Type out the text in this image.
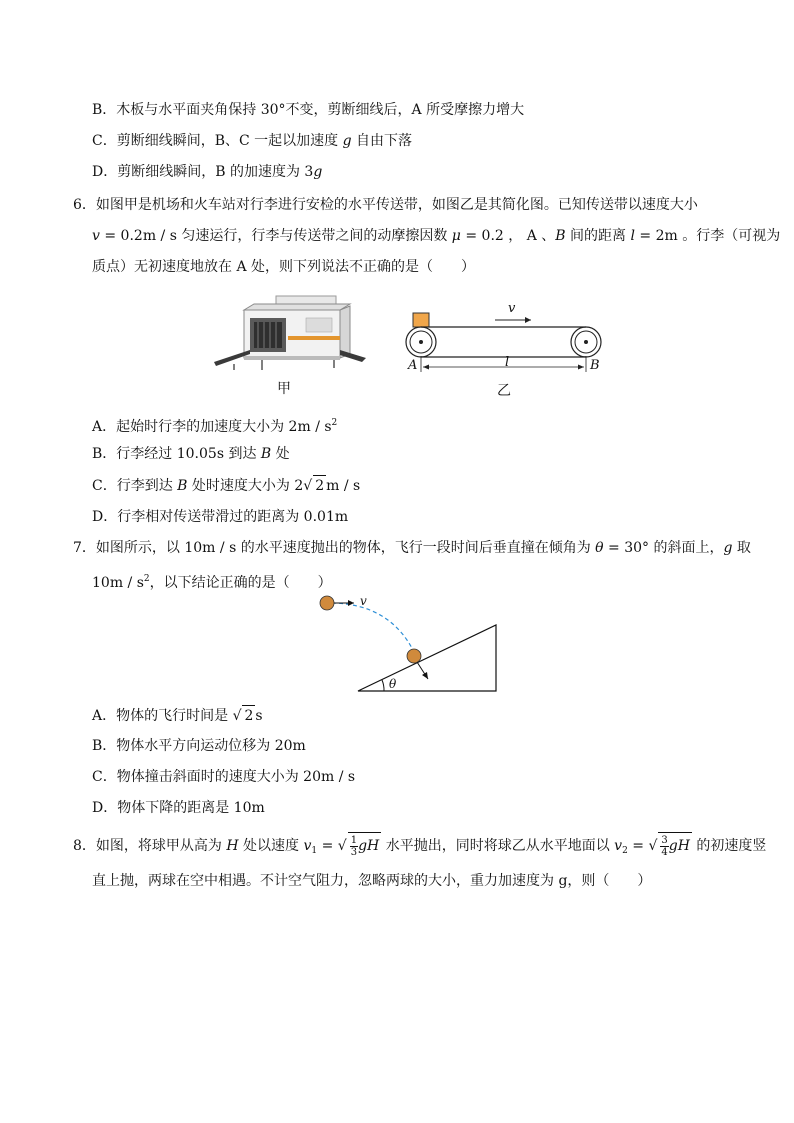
B．木板与水平面夹角保持 30°不变，剪断细线后，A 所受摩擦力增大
C．剪断细线瞬间，B、C 一起以加速度 g 自由下落
D．剪断细线瞬间，B 的加速度为 3g
6．如图甲是机场和火车站对行李进行安检的水平传送带，如图乙是其简化图。已知传送带以速度大小
v = 0.2m / s 匀速运行，行李与传送带之间的动摩擦因数 μ = 0.2 ， A 、B 间的距离 l = 2m 。行李（可视为
质点）无初速度地放在 A 处，则下列说法不正确的是（　　）
甲
v
A	B
l
乙
A．起始时行李的加速度大小为 $2m / s^2$
B．行李经过 10.05s 到达 B 处
C．行李到达 B 处时速度大小为 2√ 2 m / s
D．行李相对传送带滑过的距离为 0.01m
7．如图所示，以 10m / s 的水平速度抛出的物体，飞行一段时间后垂直撞在倾角为 θ = 30° 的斜面上，g 取
$10m / s^2$，以下结论正确的是（　　）
v
θ
A．物体的飞行时间是 √ 2 s
B．物体水平方向运动位移为 20m
C．物体撞击斜面时的速度大小为 20m / s
D．物体下降的距离是 10m
8．如图，将球甲从高为 H 处以速度 $v_1$ = √ $\frac{1}{3}$ gH 水平抛出，同时将球乙从水平地面以 $v_2$ = √ $\frac{3}{4}$ gH 的初速度竖
直上抛，两球在空中相遇。不计空气阻力，忽略两球的大小，重力加速度为 g，则（　　）
